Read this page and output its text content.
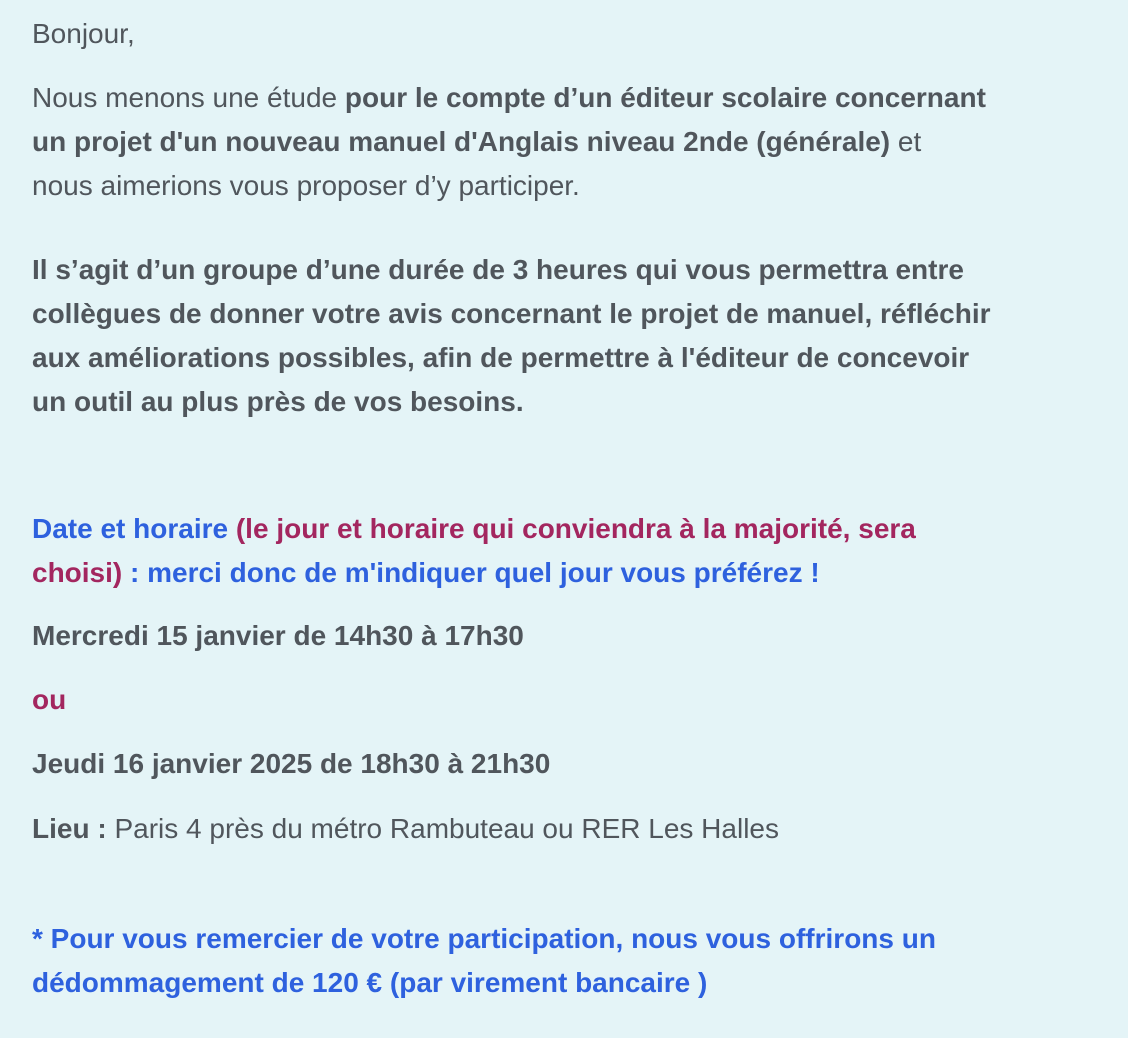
Bonjour,

Nous menons une étude pour le compte d’un éditeur scolaire concernant
un projet d'un nouveau manuel d'Anglais niveau 2nde (générale) et
nous aimerions vous proposer d’y participer.
Il s’agit d’un groupe d’une durée de 3 heures qui vous permettra entre
collègues de donner votre avis concernant le projet de manuel, réfléchir
aux améliorations possibles, afin de permettre à l'éditeur de concevoir
un outil au plus près de vos besoins.
Date et horaire (le jour et horaire qui conviendra à la majorité, sera
choisi) : merci donc de m'indiquer quel jour vous préférez !

Mercredi 15 janvier de 14h30 à 17h30

ou

Jeudi 16 janvier 2025 de 18h30 à 21h30

Lieu : Paris 4 près du métro Rambuteau ou RER Les Halles

* Pour vous remercier de votre participation, nous vous offrirons un
dédommagement de 120 € (par virement bancaire )
